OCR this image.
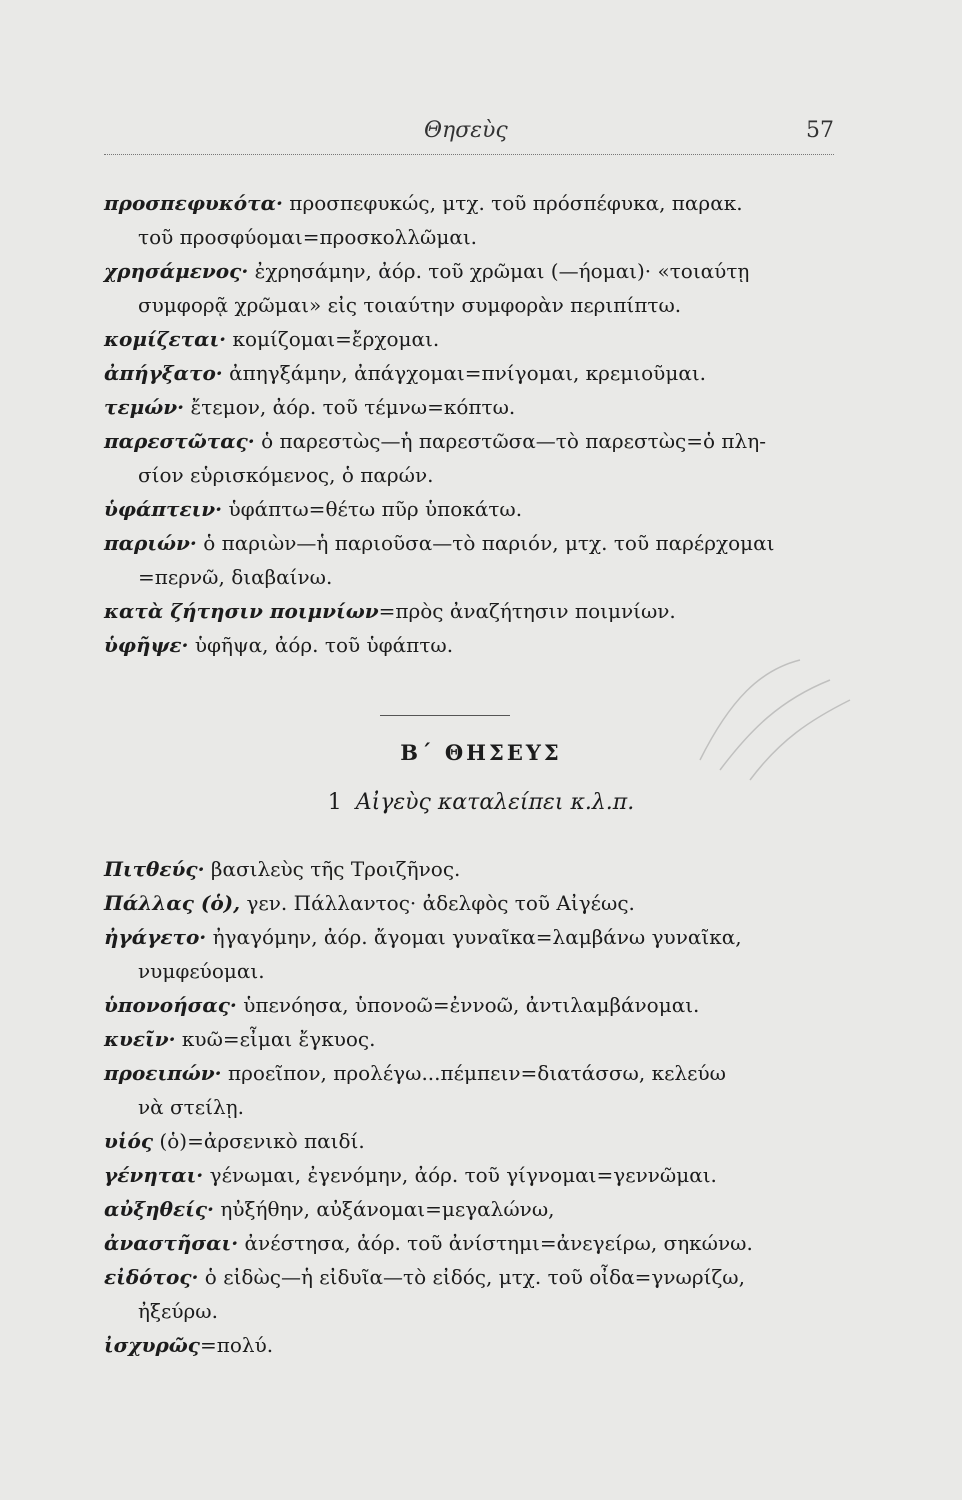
Θησεὺς	57

προσπεφυκότα· προσπεφυκώς, μτχ. τοῦ πρόσπέφυκα, παρακ.
τοῦ προσφύομαι=προσκολλῶμαι.

χρησάμενος· ἐχρησάμην, ἀόρ. τοῦ χρῶμαι (—ήομαι)· «τοιαύτῃ
συμφορᾷ χρῶμαι» εἰς τοιαύτην συμφορὰν περιπίπτω.

κομίζεται· κομίζομαι=ἔρχομαι.

ἀπήγξατο· ἀπηγξάμην, ἀπάγχομαι=πνίγομαι, κρεμιοῦμαι.

τεμών· ἔτεμον, ἀόρ. τοῦ τέμνω=κόπτω.

παρεστῶτας· ὁ παρεστὼς—ἡ παρεστῶσα—τὸ παρεστὼς=ὁ πλη-
σίον εὑρισκόμενος, ὁ παρών.

ὑφάπτειν· ὑφάπτω=θέτω πῦρ ὑποκάτω.

παριών· ὁ παριὼν—ἡ παριοῦσα—τὸ παριόν, μτχ. τοῦ παρέρχομαι
=περνῶ, διαβαίνω.

κατὰ ζήτησιν ποιμνίων=πρὸς ἀναζήτησιν ποιμνίων.

ὑφῆψε· ὑφῆψα, ἀόρ. τοῦ ὑφάπτω.

Β΄ ΘΗΣΕΥΣ
1 Αἰγεὺς καταλείπει κ.λ.π.

Πιτθεύς· βασιλεὺς τῆς Τροιζῆνος.

Πάλλας (ὁ), γεν. Πάλλαντος· ἀδελφὸς τοῦ Αἰγέως.

ἠγάγετο· ἠγαγόμην, ἀόρ. ἄγομαι γυναῖκα=λαμβάνω γυναῖκα,
νυμφεύομαι.

ὑπονοήσας· ὑπενόησα, ὑπονοῶ=ἐννοῶ, ἀντιλαμβάνομαι.

κυεῖν· κυῶ=εἶμαι ἔγκυος.

προειπών· προεῖπον, προλέγω...πέμπειν=διατάσσω, κελεύω
νὰ στείλῃ.

υἱός (ὁ)=ἀρσενικὸ παιδί.

γένηται· γένωμαι, ἐγενόμην, ἀόρ. τοῦ γίγνομαι=γεννῶμαι.

αὐξηθείς· ηὐξήθην, αὐξάνομαι=μεγαλώνω,

ἀναστῆσαι· ἀνέστησα, ἀόρ. τοῦ ἀνίστημι=ἀνεγείρω, σηκώνω.

εἰδότος· ὁ εἰδὼς—ἡ εἰδυῖα—τὸ εἰδός, μτχ. τοῦ οἶδα=γνωρίζω,
ἠξεύρω.

ἰσχυρῶς=πολύ.
